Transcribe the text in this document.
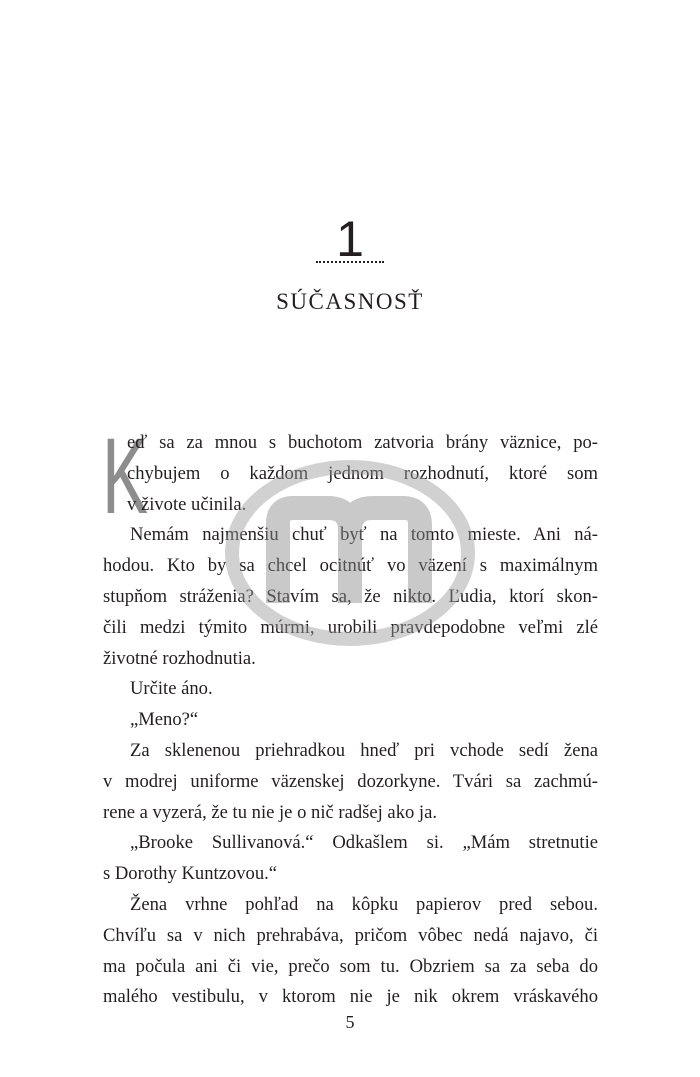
1
SÚČASNOSŤ
K
eď sa za mnou s buchotom zatvoria brány väznice, po-
chybujem o každom jednom rozhodnutí, ktoré som
v živote učinila.
Nemám najmenšiu chuť byť na tomto mieste. Ani ná-
hodou. Kto by sa chcel ocitnúť vo väzení s maximálnym
stupňom stráženia? Stavím sa, že nikto. Ľudia, ktorí skon-
čili medzi týmito múrmi, urobili pravdepodobne veľmi zlé
životné rozhodnutia.
Určite áno.
„Meno?“
Za sklenenou priehradkou hneď pri vchode sedí žena
v modrej uniforme väzenskej dozorkyne. Tvári sa zachmú-
rene a vyzerá, že tu nie je o nič radšej ako ja.
„Brooke Sullivanová.“ Odkašlem si. „Mám stretnutie
s Dorothy Kuntzovou.“
Žena vrhne pohľad na kôpku papierov pred sebou.
Chvíľu sa v nich prehrabáva, pričom vôbec nedá najavo, či
ma počula ani či vie, prečo som tu. Obzriem sa za seba do
malého vestibulu, v ktorom nie je nik okrem vráskavého
5
